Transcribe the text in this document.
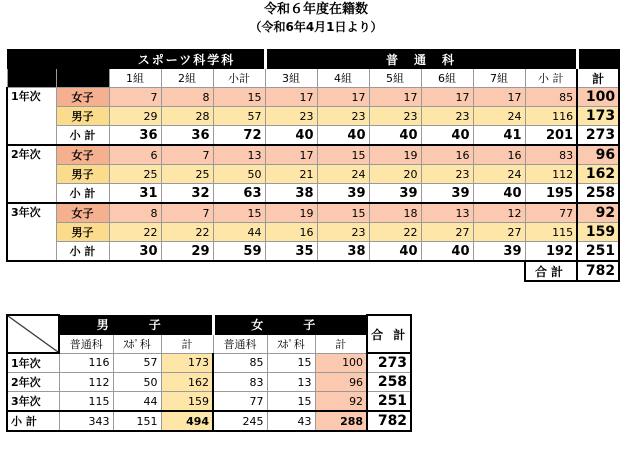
令和６年度在籍数
（令和6年4月1日より）
		スポーツ科学科			普　通　科						
		1組	2組	小計	3組	4組	5組	6組	7組	小 計	計
1年次	女子	7	8	15	17	17	17	17	17	85	100
	男子	29	28	57	23	23	23	23	24	116	173
	小 計	36	36	72	40	40	40	40	41	201	273
2年次	女子	6	7	13	17	15	19	16	16	83	96
	男子	25	25	50	21	24	20	23	24	112	162
	小 計	31	32	63	38	39	39	39	40	195	258
3年次	女子	8	7	15	19	15	18	13	12	77	92
	男子	22	22	44	16	23	22	27	27	115	159
	小 計	30	29	59	35	38	40	40	39	192	251
										合計	782
	男　子			女　子			合 計
	普通科	ｽﾎﾟ科	計	普通科	ｽﾎﾟ科	計	
1年次	116	57	173	85	15	100	273
2年次	112	50	162	83	13	96	258
3年次	115	44	159	77	15	92	251
小 計	343	151	494	245	43	288	782
